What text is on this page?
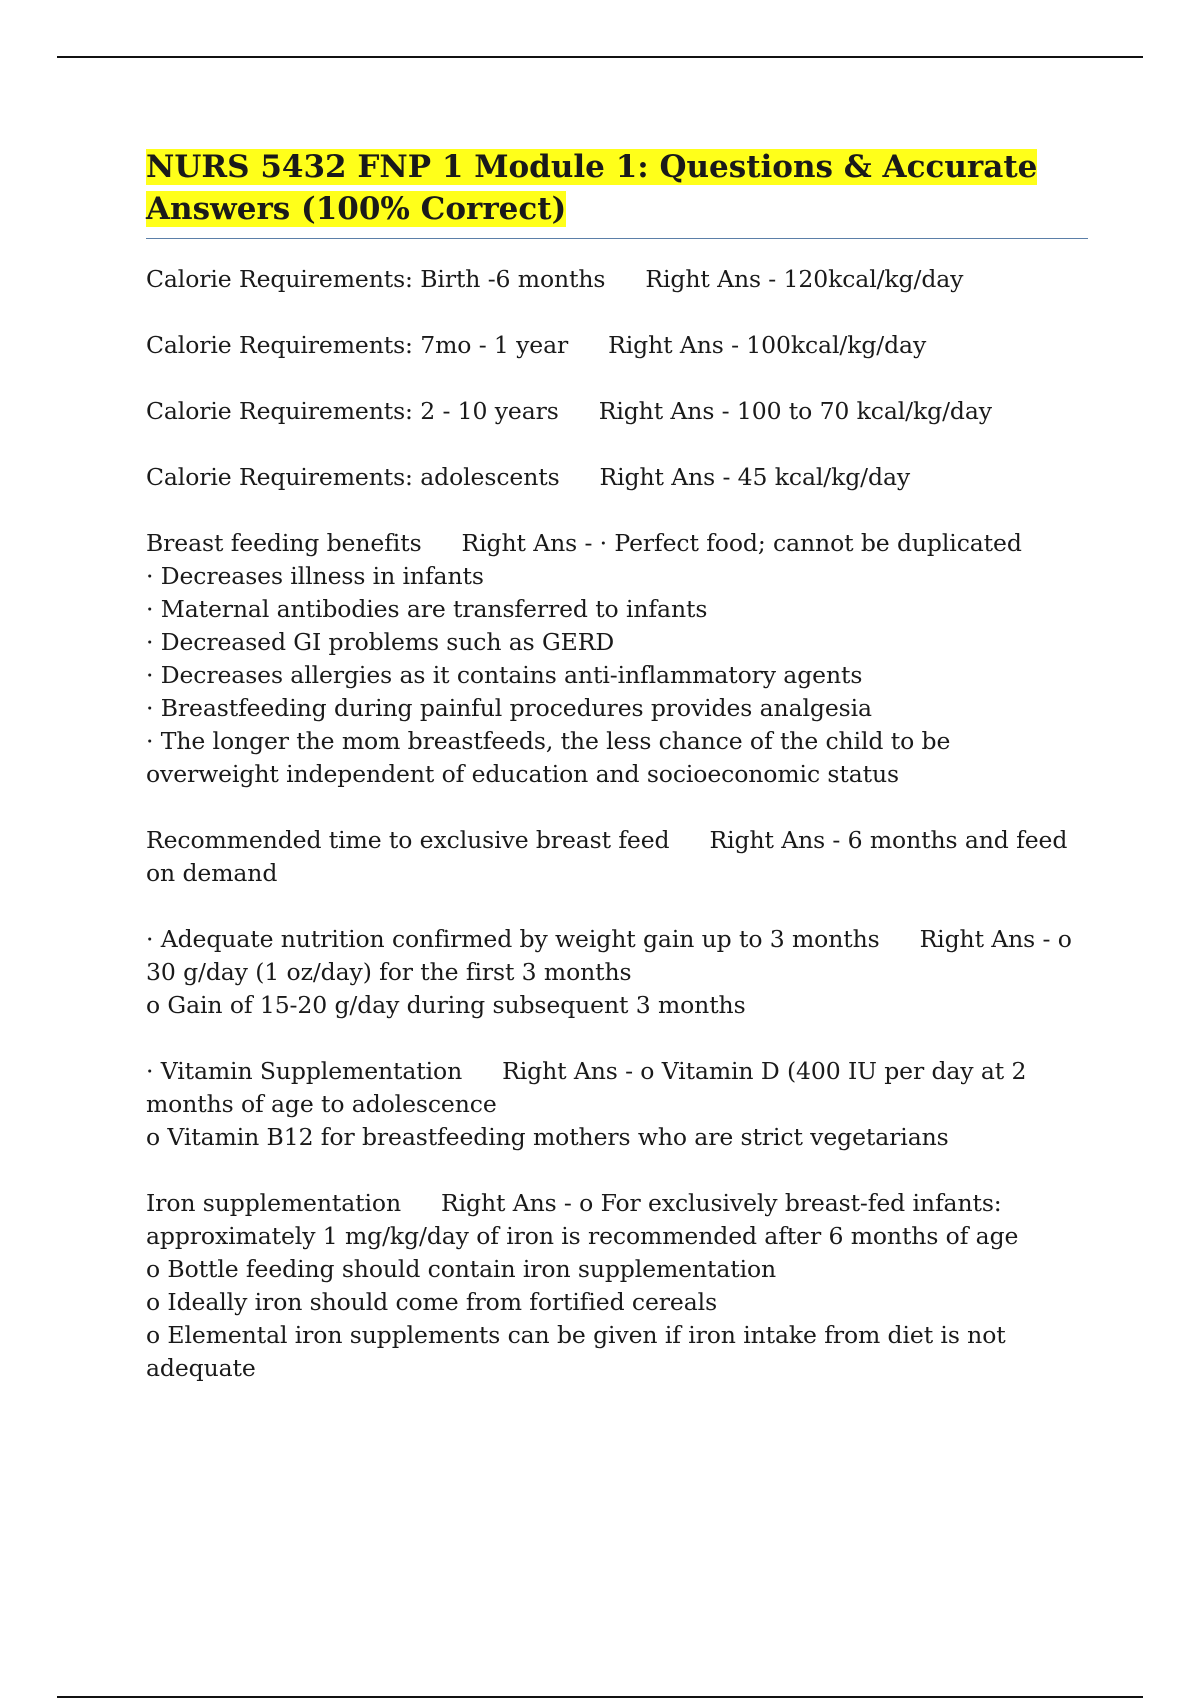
NURS 5432 FNP 1 Module 1: Questions & Accurate
Answers (100% Correct)

Calorie Requirements: Birth -6 months Right Ans - 120kcal/kg/day

Calorie Requirements: 7mo - 1 year Right Ans - 100kcal/kg/day

Calorie Requirements: 2 - 10 years Right Ans - 100 to 70 kcal/kg/day

Calorie Requirements: adolescents Right Ans - 45 kcal/kg/day

Breast feeding benefits Right Ans - · Perfect food; cannot be duplicated
· Decreases illness in infants
· Maternal antibodies are transferred to infants
· Decreased GI problems such as GERD
· Decreases allergies as it contains anti-inflammatory agents
· Breastfeeding during painful procedures provides analgesia
· The longer the mom breastfeeds, the less chance of the child to be overweight independent of education and socioeconomic status

Recommended time to exclusive breast feed Right Ans - 6 months and feed on demand

· Adequate nutrition confirmed by weight gain up to 3 months Right Ans - o 30 g/day (1 oz/day) for the first 3 months
o Gain of 15-20 g/day during subsequent 3 months

· Vitamin Supplementation Right Ans - o Vitamin D (400 IU per day at 2 months of age to adolescence
o Vitamin B12 for breastfeeding mothers who are strict vegetarians

Iron supplementation Right Ans - o For exclusively breast-fed infants: approximately 1 mg/kg/day of iron is recommended after 6 months of age
o Bottle feeding should contain iron supplementation
o Ideally iron should come from fortified cereals
o Elemental iron supplements can be given if iron intake from diet is not adequate
